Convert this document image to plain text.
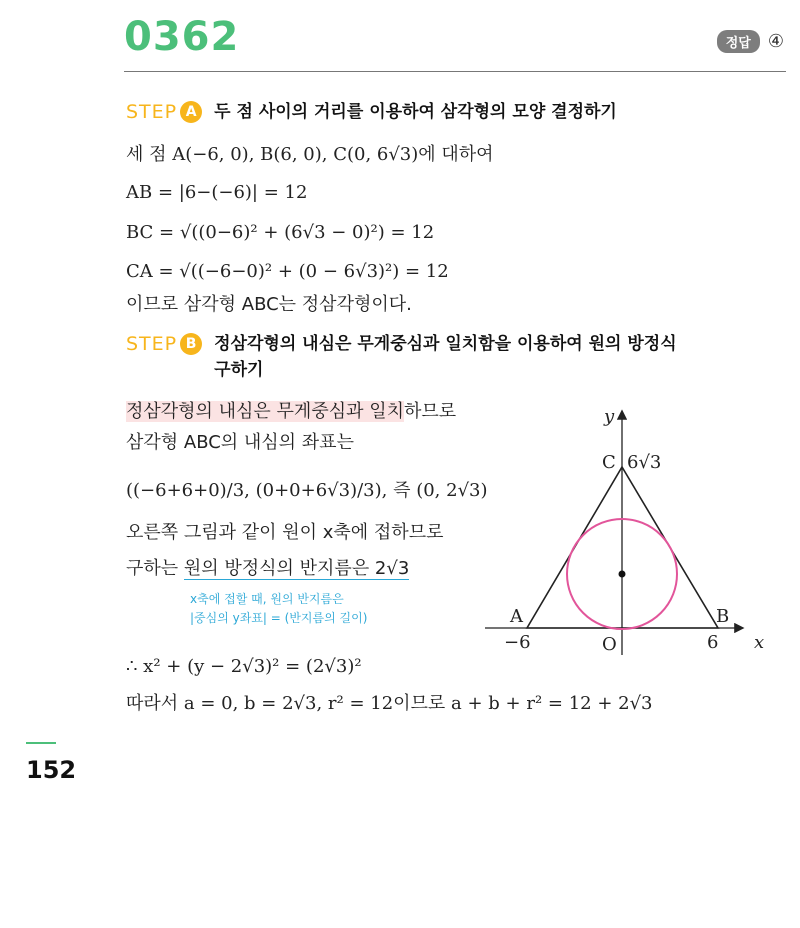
0362	정답 ④
STEP A	두 점 사이의 거리를 이용하여 삼각형의 모양 결정하기
세 점 A(−6, 0), B(6, 0), C(0, 6√3)에 대하여
AB = |6−(−6)| = 12
BC = √((0−6)² + (6√3 − 0)²) = 12
CA = √((−6−0)² + (0 − 6√3)²) = 12
이므로 삼각형 ABC는 정삼각형이다.
STEP B	정삼각형의 내심은 무게중심과 일치함을 이용하여 원의 방정식
구하기
정삼각형의 내심은 무게중심과 일치하므로
삼각형 ABC의 내심의 좌표는
((−6+6+0)/3, (0+0+6√3)/3), 즉 (0, 2√3)
오른쪽 그림과 같이 원이 x축에 접하므로
구하는 원의 방정식의 반지름은 2√3
x축에 접할 때, 원의 반지름은
|중심의 y좌표| = (반지름의 길이)
∴ x² + (y − 2√3)² = (2√3)²
따라서 a = 0, b = 2√3, r² = 12이므로 a + b + r² = 12 + 2√3
y
x
C 6√3
A	B
O
−6	6
152
